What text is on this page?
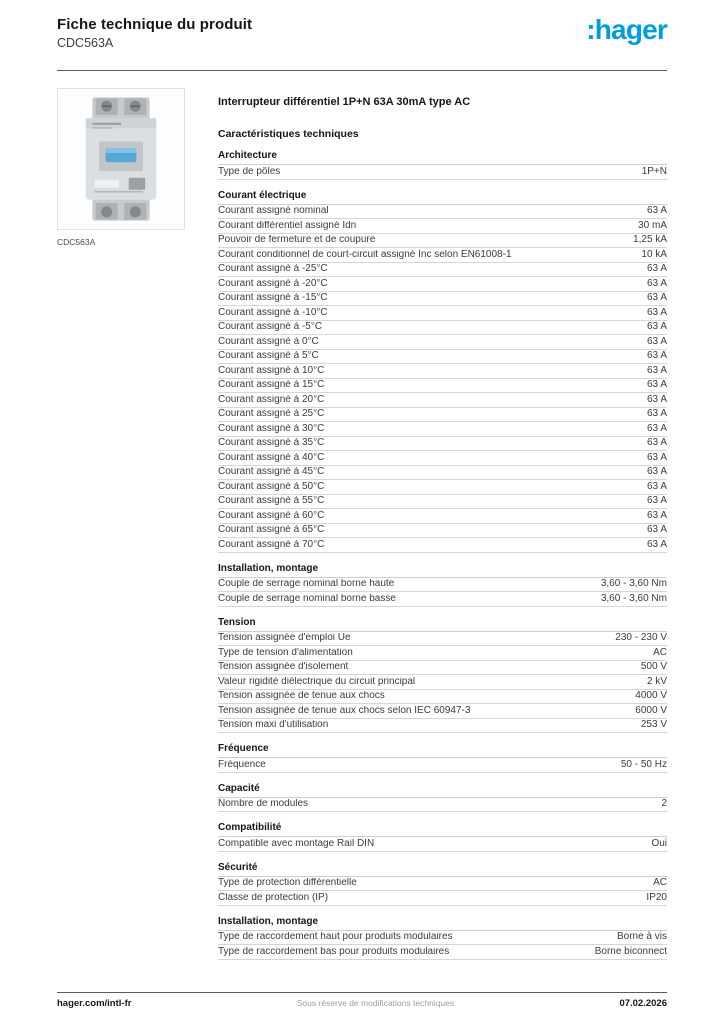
Fiche technique du produit
CDC563A	:hager
CDC563A
Interrupteur différentiel 1P+N 63A 30mA type AC
Caractéristiques techniques
Architecture
Type de pôles	1P+N
Courant électrique
Courant assigné nominal	63 A
Courant différentiel assigné Idn	30 mA
Pouvoir de fermeture et de coupure	1,25 kA
Courant conditionnel de court-circuit assigné Inc selon EN61008-1	10 kA
Courant assigné à -25°C	63 A
Courant assigné à -20°C	63 A
Courant assigné à -15°C	63 A
Courant assigné à -10°C	63 A
Courant assigné à -5°C	63 A
Courant assigné à 0°C	63 A
Courant assigné à 5°C	63 A
Courant assigné à 10°C	63 A
Courant assigné à 15°C	63 A
Courant assigné à 20°C	63 A
Courant assigné à 25°C	63 A
Courant assigné à 30°C	63 A
Courant assigné à 35°C	63 A
Courant assigné à 40°C	63 A
Courant assigné à 45°C	63 A
Courant assigné à 50°C	63 A
Courant assigné à 55°C	63 A
Courant assigné à 60°C	63 A
Courant assigné à 65°C	63 A
Courant assigné à 70°C	63 A
Installation, montage
Couple de serrage nominal borne haute	3,60 - 3,60 Nm
Couple de serrage nominal borne basse	3,60 - 3,60 Nm
Tension
Tension assignée d'emploi Ue	230 - 230 V
Type de tension d'alimentation	AC
Tension assignée d'isolement	500 V
Valeur rigidité diélectrique du circuit principal	2 kV
Tension assignée de tenue aux chocs	4000 V
Tension assignée de tenue aux chocs selon IEC 60947-3	6000 V
Tension maxi d'utilisation	253 V
Fréquence
Fréquence	50 - 50 Hz
Capacité
Nombre de modules	2
Compatibilité
Compatible avec montage Rail DIN	Oui
Sécurité
Type de protection différentielle	AC
Classe de protection (IP)	IP20
Installation, montage
Type de raccordement haut pour produits modulaires	Borne à vis
Type de raccordement bas pour produits modulaires	Borne biconnect
hager.com/intl-fr	Sous réserve de modifications techniques	07.02.2026
